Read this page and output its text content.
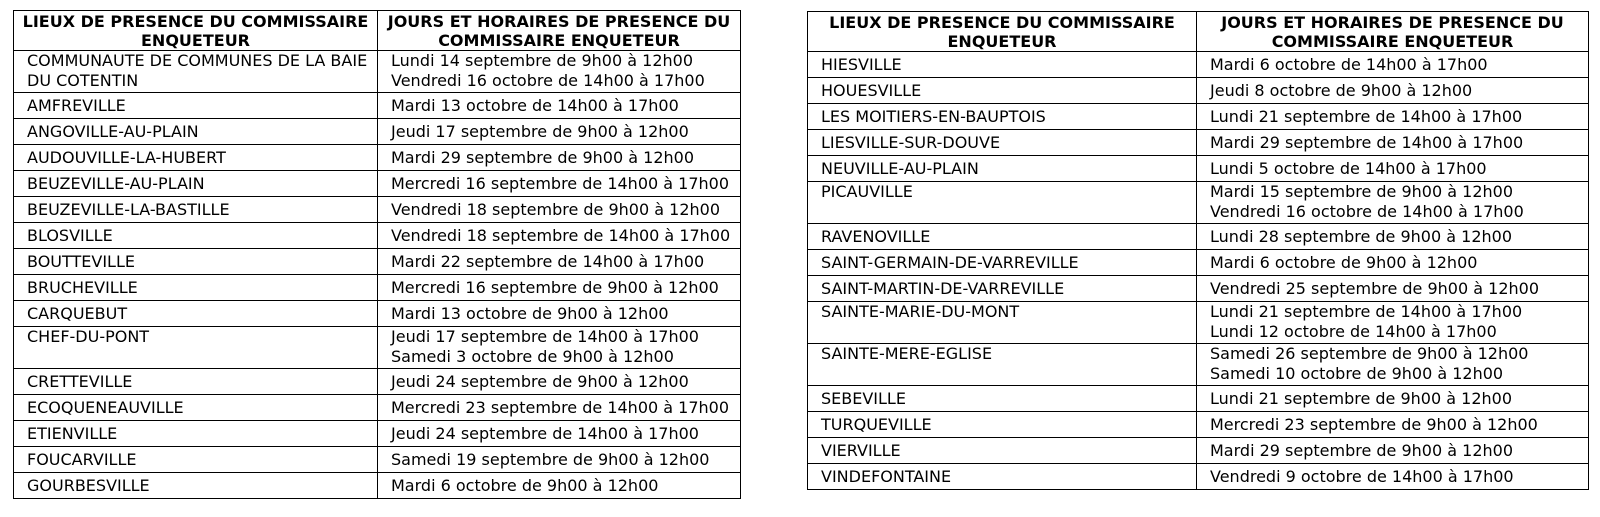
LIEUX DE PRESENCE DU COMMISSAIRE ENQUETEUR	JOURS ET HORAIRES DE PRESENCE DU COMMISSAIRE ENQUETEUR
COMMUNAUTE DE COMMUNES DE LA BAIE DU COTENTIN	Lundi 14 septembre de 9h00 à 12h00
Vendredi 16 octobre de 14h00 à 17h00

AMFREVILLE	Mardi 13 octobre de 14h00 à 17h00

ANGOVILLE-AU-PLAIN	Jeudi 17 septembre de 9h00 à 12h00

AUDOUVILLE-LA-HUBERT	Mardi 29 septembre de 9h00 à 12h00

BEUZEVILLE-AU-PLAIN	Mercredi 16 septembre de 14h00 à 17h00

BEUZEVILLE-LA-BASTILLE	Vendredi 18 septembre de 9h00 à 12h00

BLOSVILLE	Vendredi 18 septembre de 14h00 à 17h00

BOUTTEVILLE	Mardi 22 septembre de 14h00 à 17h00

BRUCHEVILLE	Mercredi 16 septembre de 9h00 à 12h00

CARQUEBUT	Mardi 13 octobre de 9h00 à 12h00

CHEF-DU-PONT	Jeudi 17 septembre de 14h00 à 17h00
Samedi 3 octobre de 9h00 à 12h00

CRETTEVILLE	Jeudi 24 septembre de 9h00 à 12h00

ECOQUENEAUVILLE	Mercredi 23 septembre de 14h00 à 17h00

ETIENVILLE	Jeudi 24 septembre de 14h00 à 17h00

FOUCARVILLE	Samedi 19 septembre de 9h00 à 12h00

GOURBESVILLE	Mardi 6 octobre de 9h00 à 12h00
LIEUX DE PRESENCE DU COMMISSAIRE ENQUETEUR	JOURS ET HORAIRES DE PRESENCE DU COMMISSAIRE ENQUETEUR
HIESVILLE	Mardi 6 octobre de 14h00 à 17h00

HOUESVILLE	Jeudi 8 octobre de 9h00 à 12h00

LES MOITIERS-EN-BAUPTOIS	Lundi 21 septembre de 14h00 à 17h00

LIESVILLE-SUR-DOUVE	Mardi 29 septembre de 14h00 à 17h00

NEUVILLE-AU-PLAIN	Lundi 5 octobre de 14h00 à 17h00

PICAUVILLE	Mardi 15 septembre de 9h00 à 12h00
Vendredi 16 octobre de 14h00 à 17h00

RAVENOVILLE	Lundi 28 septembre de 9h00 à 12h00

SAINT-GERMAIN-DE-VARREVILLE	Mardi 6 octobre de 9h00 à 12h00

SAINT-MARTIN-DE-VARREVILLE	Vendredi 25 septembre de 9h00 à 12h00

SAINTE-MARIE-DU-MONT	Lundi 21 septembre de 14h00 à 17h00
Lundi 12 octobre de 14h00 à 17h00

SAINTE-MERE-EGLISE	Samedi 26 septembre de 9h00 à 12h00
Samedi 10 octobre de 9h00 à 12h00

SEBEVILLE	Lundi 21 septembre de 9h00 à 12h00

TURQUEVILLE	Mercredi 23 septembre de 9h00 à 12h00

VIERVILLE	Mardi 29 septembre de 9h00 à 12h00

VINDEFONTAINE	Vendredi 9 octobre de 14h00 à 17h00
